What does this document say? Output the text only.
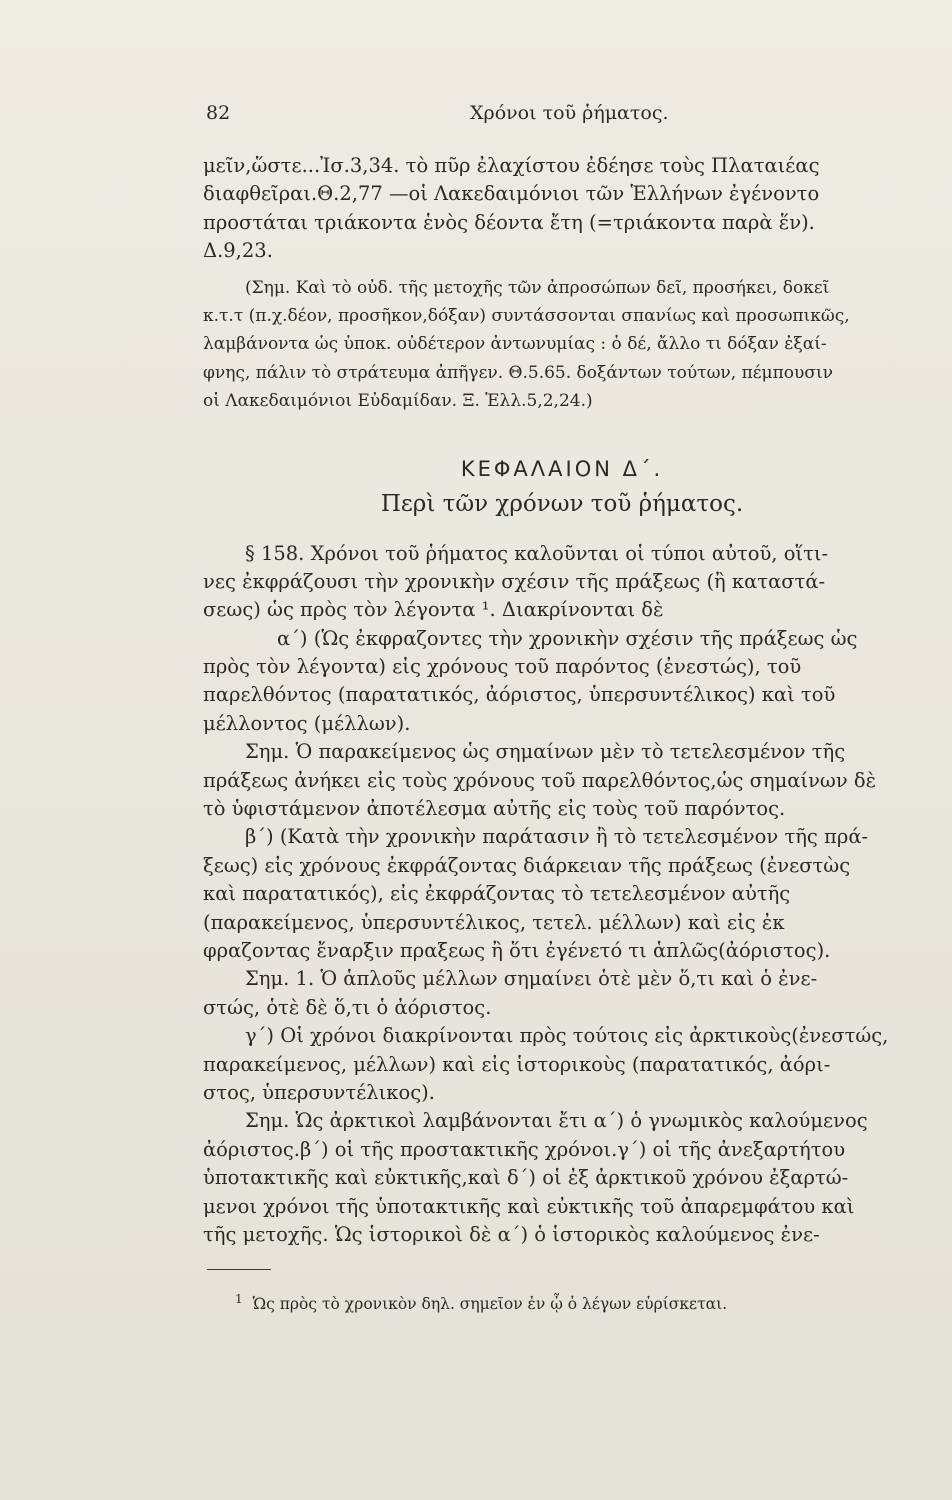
82	Χρόνοι τοῦ ῥήματος.
μεῖν,ὥστε...Ἰσ.3,34. τὸ πῦρ ἐλαχίστου ἐδέησε τοὺς Πλαταιέας
διαφθεῖραι.Θ.2,77 —οἱ Λακεδαιμόνιοι τῶν Ἑλλήνων ἐγένοντο
προστάται τριάκοντα ἑνὸς δέοντα ἔτη (=τριάκοντα παρὰ ἕν).
Δ.9,23.
(Σημ. Καὶ τὸ οὐδ. τῆς μετοχῆς τῶν ἀπροσώπων δεῖ, προσήκει, δοκεῖ
κ.τ.τ (π.χ.δέον, προσῆκον,δόξαν) συντάσσονται σπανίως καὶ προσωπικῶς,
λαμβάνοντα ὡς ὑποκ. οὐδέτερον ἀντωνυμίας : ὁ δέ, ἄλλο τι δόξαν ἐξαί-
φνης, πάλιν τὸ στράτευμα ἀπῆγεν. Θ.5.65. δοξάντων τούτων, πέμπουσιν
οἱ Λακεδαιμόνιοι Εὐδαμίδαν. Ξ. Ἑλλ.5,2,24.)
ΚΕΦΑΛΑΙΟΝ Δ΄.
Περὶ τῶν χρόνων τοῦ ῥήματος.
§ 158. Χρόνοι τοῦ ῥήματος καλοῦνται οἱ τύποι αὐτοῦ, οἵτι-
νες ἐκφράζουσι τὴν χρονικὴν σχέσιν τῆς πράξεως (ἢ καταστά-
σεως) ὡς πρὸς τὸν λέγοντα ¹. Διακρίνονται δὲ
α΄) (Ὡς ἐκφραζοντες τὴν χρονικὴν σχέσιν τῆς πράξεως ὡς
πρὸς τὸν λέγοντα) εἰς χρόνους τοῦ παρόντος (ἐνεστώς), τοῦ
παρελθόντος (παρατατικός, ἀόριστος, ὑπερσυντέλικος) καὶ τοῦ
μέλλοντος (μέλλων).
Σημ. Ὁ παρακείμενος ὡς σημαίνων μὲν τὸ τετελεσμένον τῆς
πράξεως ἀνήκει εἰς τοὺς χρόνους τοῦ παρελθόντος,ὡς σημαίνων δὲ
τὸ ὑφιστάμενον ἀποτέλεσμα αὐτῆς εἰς τοὺς τοῦ παρόντος.
β΄) (Κατὰ τὴν χρονικὴν παράτασιν ἢ τὸ τετελεσμένον τῆς πρά-
ξεως) εἰς χρόνους ἐκφράζοντας διάρκειαν τῆς πράξεως (ἐνεστὼς
καὶ παρατατικός), εἰς ἐκφράζοντας τὸ τετελεσμένον αὐτῆς
(παρακείμενος, ὑπερσυντέλικος, τετελ. μέλλων) καὶ εἰς ἐκ
φραζοντας ἔναρξιν πραξεως ἢ ὅτι ἐγένετό τι ἁπλῶς(ἀόριστος).
Σημ. 1. Ὁ ἁπλοῦς μέλλων σημαίνει ὁτὲ μὲν ὅ,τι καὶ ὁ ἐνε-
στώς, ὁτὲ δὲ ὅ,τι ὁ ἀόριστος.
γ΄) Οἱ χρόνοι διακρίνονται πρὸς τούτοις εἰς ἀρκτικοὺς(ἐνεστώς,
παρακείμενος, μέλλων) καὶ εἰς ἱστορικοὺς (παρατατικός, ἀόρι-
στος, ὑπερσυντέλικος).
Σημ. Ὡς ἀρκτικοὶ λαμβάνονται ἔτι α΄) ὁ γνωμικὸς καλούμενος
ἀόριστος.β΄) οἱ τῆς προστακτικῆς χρόνοι.γ΄) οἱ τῆς ἀνεξαρτήτου
ὑποτακτικῆς καὶ εὐκτικῆς,καὶ δ΄) οἱ ἐξ ἀρκτικοῦ χρόνου ἐξαρτώ-
μενοι χρόνοι τῆς ὑποτακτικῆς καὶ εὐκτικῆς τοῦ ἀπαρεμφάτου καὶ
τῆς μετοχῆς. Ὡς ἱστορικοὶ δὲ α΄) ὁ ἱστορικὸς καλούμενος ἐνε-
$^1$ Ὡς πρὸς τὸ χρονικὸν δηλ. σημεῖον ἐν ᾧ ὁ λέγων εὑρίσκεται.
